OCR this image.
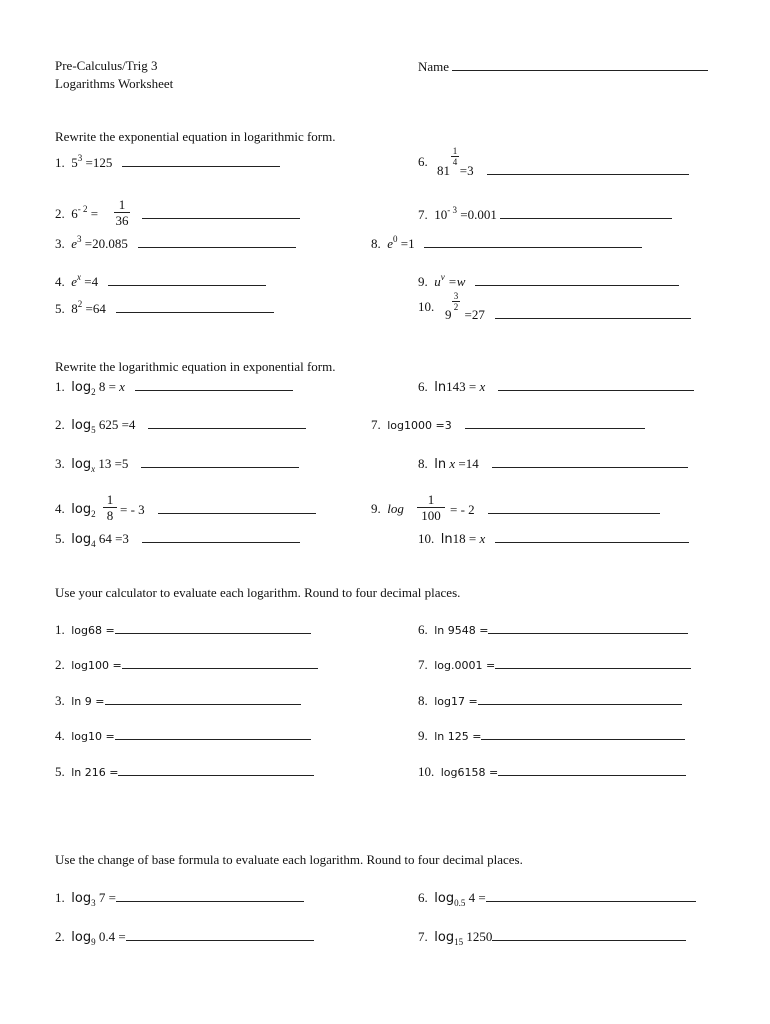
Pre-Calculus/Trig 3
Logarithms Worksheet
Name
Rewrite the exponential equation in logarithmic form.
1. $5^3 =125$
2. $6^{- 2}$ =
1
36
3. $e^3 =20.085$
4. $e^x =4$
5. $8^2 =64$
6.
1
4
81 =3
7. $10^{- 3} =0.001$
8. $e^0 =1$
9. $u^v =w$
10.
3
2
9 =27
Rewrite the logarithmic equation in exponential form.
1. $\log_2 8 = x$
2. $\log_5 625 =4$
3. $\log_x 13 =5$
4. $\log_2$
1
8 = - 3
5. $\log_4 64 =3$
6. ln143 = x
7. log1000 =3
8. ln x =14
9. log
1
100 = - 2
10. ln18 = x
Use your calculator to evaluate each logarithm. Round to four decimal places.
1. log68 =
2. log100 =
3. ln 9 =
4. log10 =
5. ln 216 =
6. ln 9548 =
7. log.0001 =
8. log17 =
9. ln 125 =
10. log6158 =
Use the change of base formula to evaluate each logarithm. Round to four decimal places.
1. $\log_3 7$ =
2. $\log_9 0.4$ =
6. $\log_{0.5} 4$ =
7. $\log_{15} 1250$
